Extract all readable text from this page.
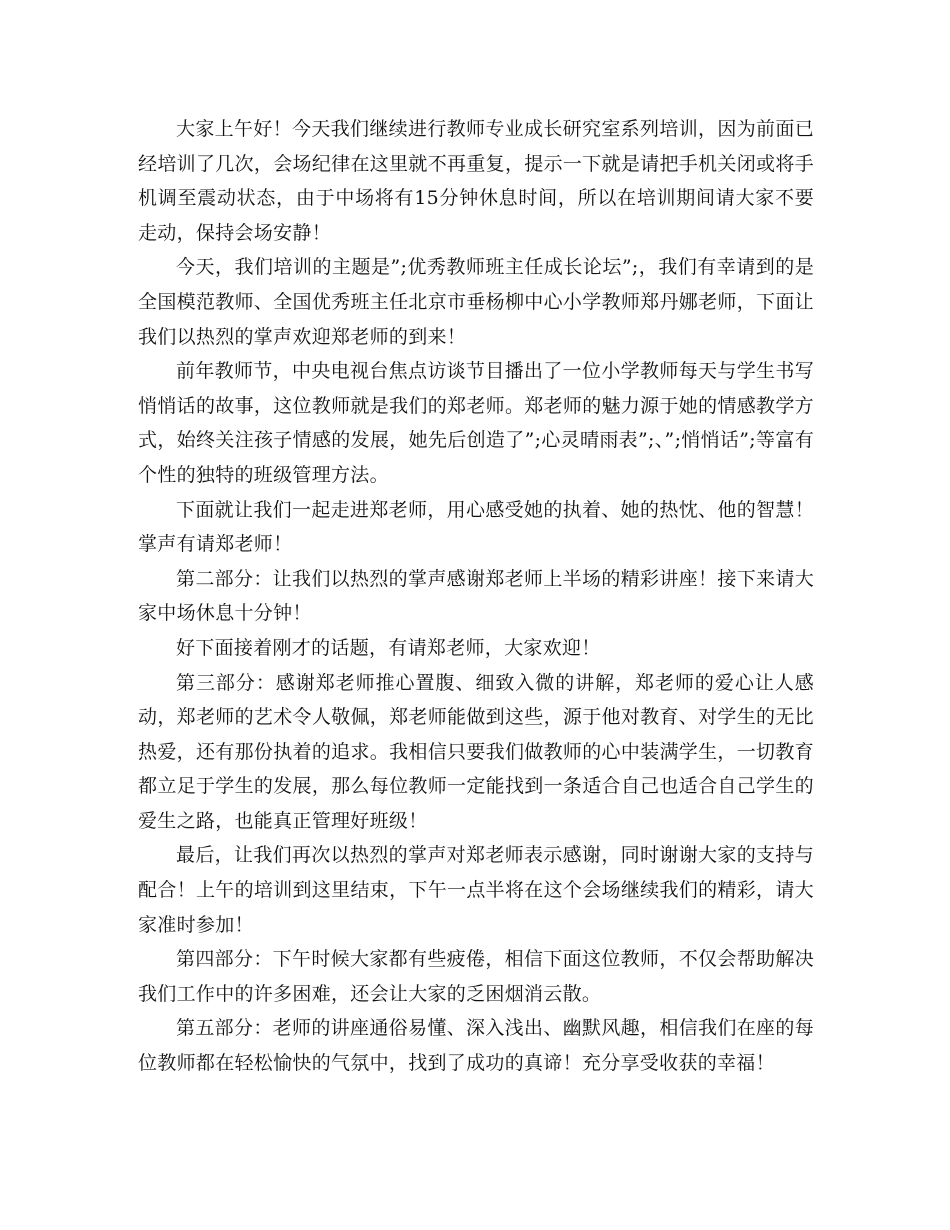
大家上午好！今天我们继续进行教师专业成长研究室系列培训，因为前面已经培训了几次，会场纪律在这里就不再重复，提示一下就是请把手机关闭或将手机调至震动状态，由于中场将有15分钟休息时间，所以在培训期间请大家不要走动，保持会场安静！

今天，我们培训的主题是”;优秀教师班主任成长论坛”;，我们有幸请到的是全国模范教师、全国优秀班主任北京市垂杨柳中心小学教师郑丹娜老师，下面让我们以热烈的掌声欢迎郑老师的到来！

前年教师节，中央电视台焦点访谈节目播出了一位小学教师每天与学生书写悄悄话的故事，这位教师就是我们的郑老师。郑老师的魅力源于她的情感教学方式，始终关注孩子情感的发展，她先后创造了”;心灵晴雨表”;、”;悄悄话”;等富有个性的独特的班级管理方法。

下面就让我们一起走进郑老师，用心感受她的执着、她的热忱、他的智慧！掌声有请郑老师！

第二部分：让我们以热烈的掌声感谢郑老师上半场的精彩讲座！接下来请大家中场休息十分钟！

好下面接着刚才的话题，有请郑老师，大家欢迎！

第三部分：感谢郑老师推心置腹、细致入微的讲解，郑老师的爱心让人感动，郑老师的艺术令人敬佩，郑老师能做到这些，源于他对教育、对学生的无比热爱，还有那份执着的追求。我相信只要我们做教师的心中装满学生，一切教育都立足于学生的发展，那么每位教师一定能找到一条适合自己也适合自己学生的爱生之路，也能真正管理好班级！

最后，让我们再次以热烈的掌声对郑老师表示感谢，同时谢谢大家的支持与配合！上午的培训到这里结束，下午一点半将在这个会场继续我们的精彩，请大家准时参加！

第四部分：下午时候大家都有些疲倦，相信下面这位教师，不仅会帮助解决我们工作中的许多困难，还会让大家的乏困烟消云散。

第五部分：老师的讲座通俗易懂、深入浅出、幽默风趣，相信我们在座的每位教师都在轻松愉快的气氛中，找到了成功的真谛！充分享受收获的幸福！
